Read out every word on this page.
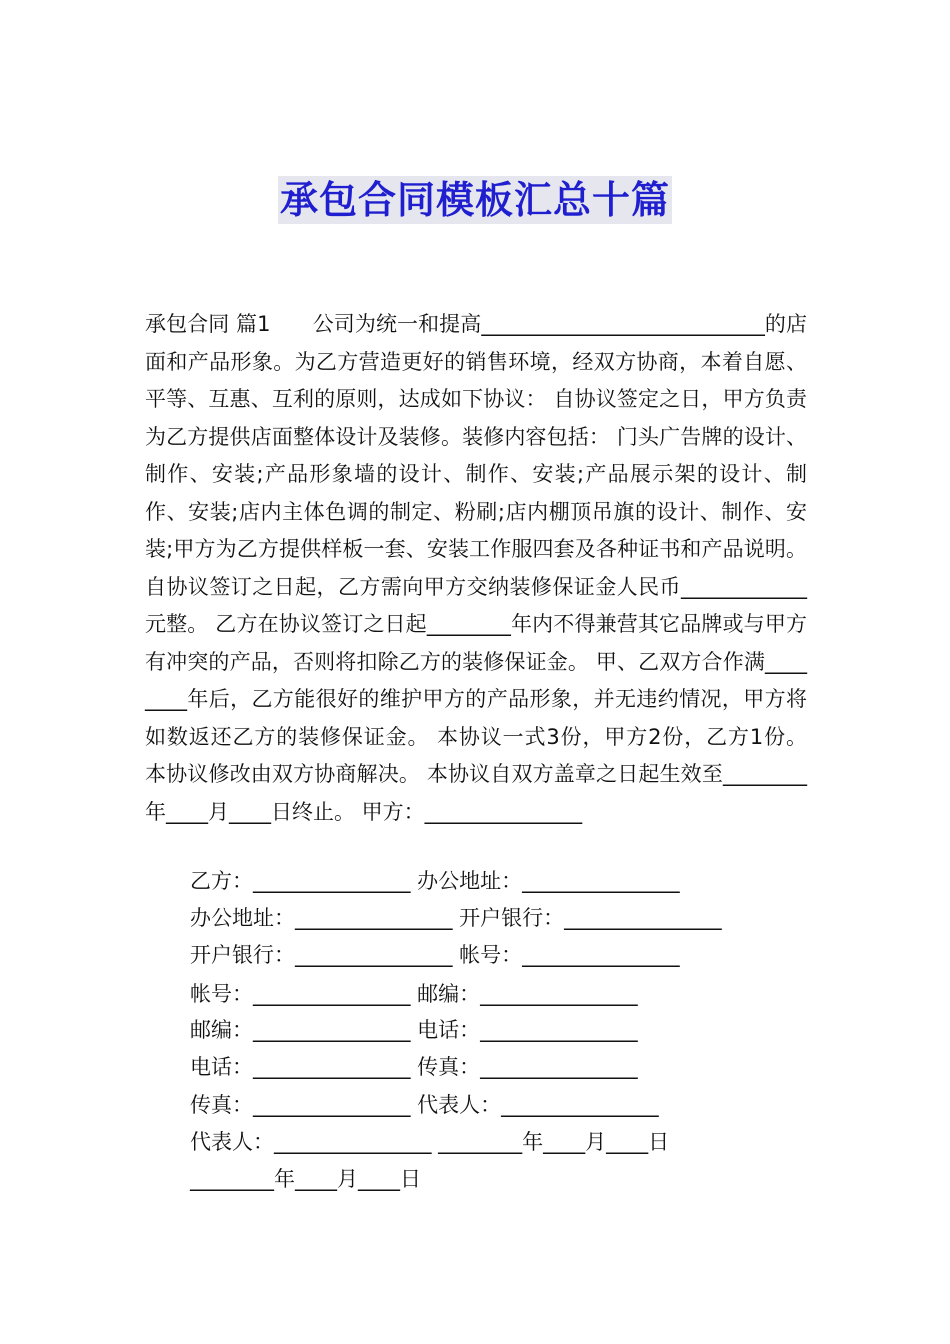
承包合同模板汇总十篇

承包合同 篇1　　公司为统一和提高___________________________的店面和产品形象。为乙方营造更好的销售环境，经双方协商，本着自愿、平等、互惠、互利的原则，达成如下协议： 自协议签定之日，甲方负责为乙方提供店面整体设计及装修。装修内容包括： 门头广告牌的设计、制作、安装;产品形象墙的设计、制作、安装;产品展示架的设计、制作、安装;店内主体色调的制定、粉刷;店内棚顶吊旗的设计、制作、安装;甲方为乙方提供样板一套、安装工作服四套及各种证书和产品说明。 自协议签订之日起，乙方需向甲方交纳装修保证金人民币____________元整。 乙方在协议签订之日起________年内不得兼营其它品牌或与甲方有冲突的产品，否则将扣除乙方的装修保证金。 甲、乙双方合作满________年后，乙方能很好的维护甲方的产品形象，并无违约情况，甲方将如数返还乙方的装修保证金。 本协议一式3份，甲方2份，乙方1份。 本协议修改由双方协商解决。 本协议自双方盖章之日起生效至________年____月____日终止。 甲方：_______________

乙方：_______________ 办公地址：_______________

办公地址：_______________ 开户银行：_______________

开户银行：_______________ 帐号：_______________

帐号：_______________ 邮编：_______________

邮编：_______________ 电话：_______________

电话：_______________ 传真：_______________

传真：_______________ 代表人：_______________

代表人：_______________ ________年____月____日

________年____月____日
